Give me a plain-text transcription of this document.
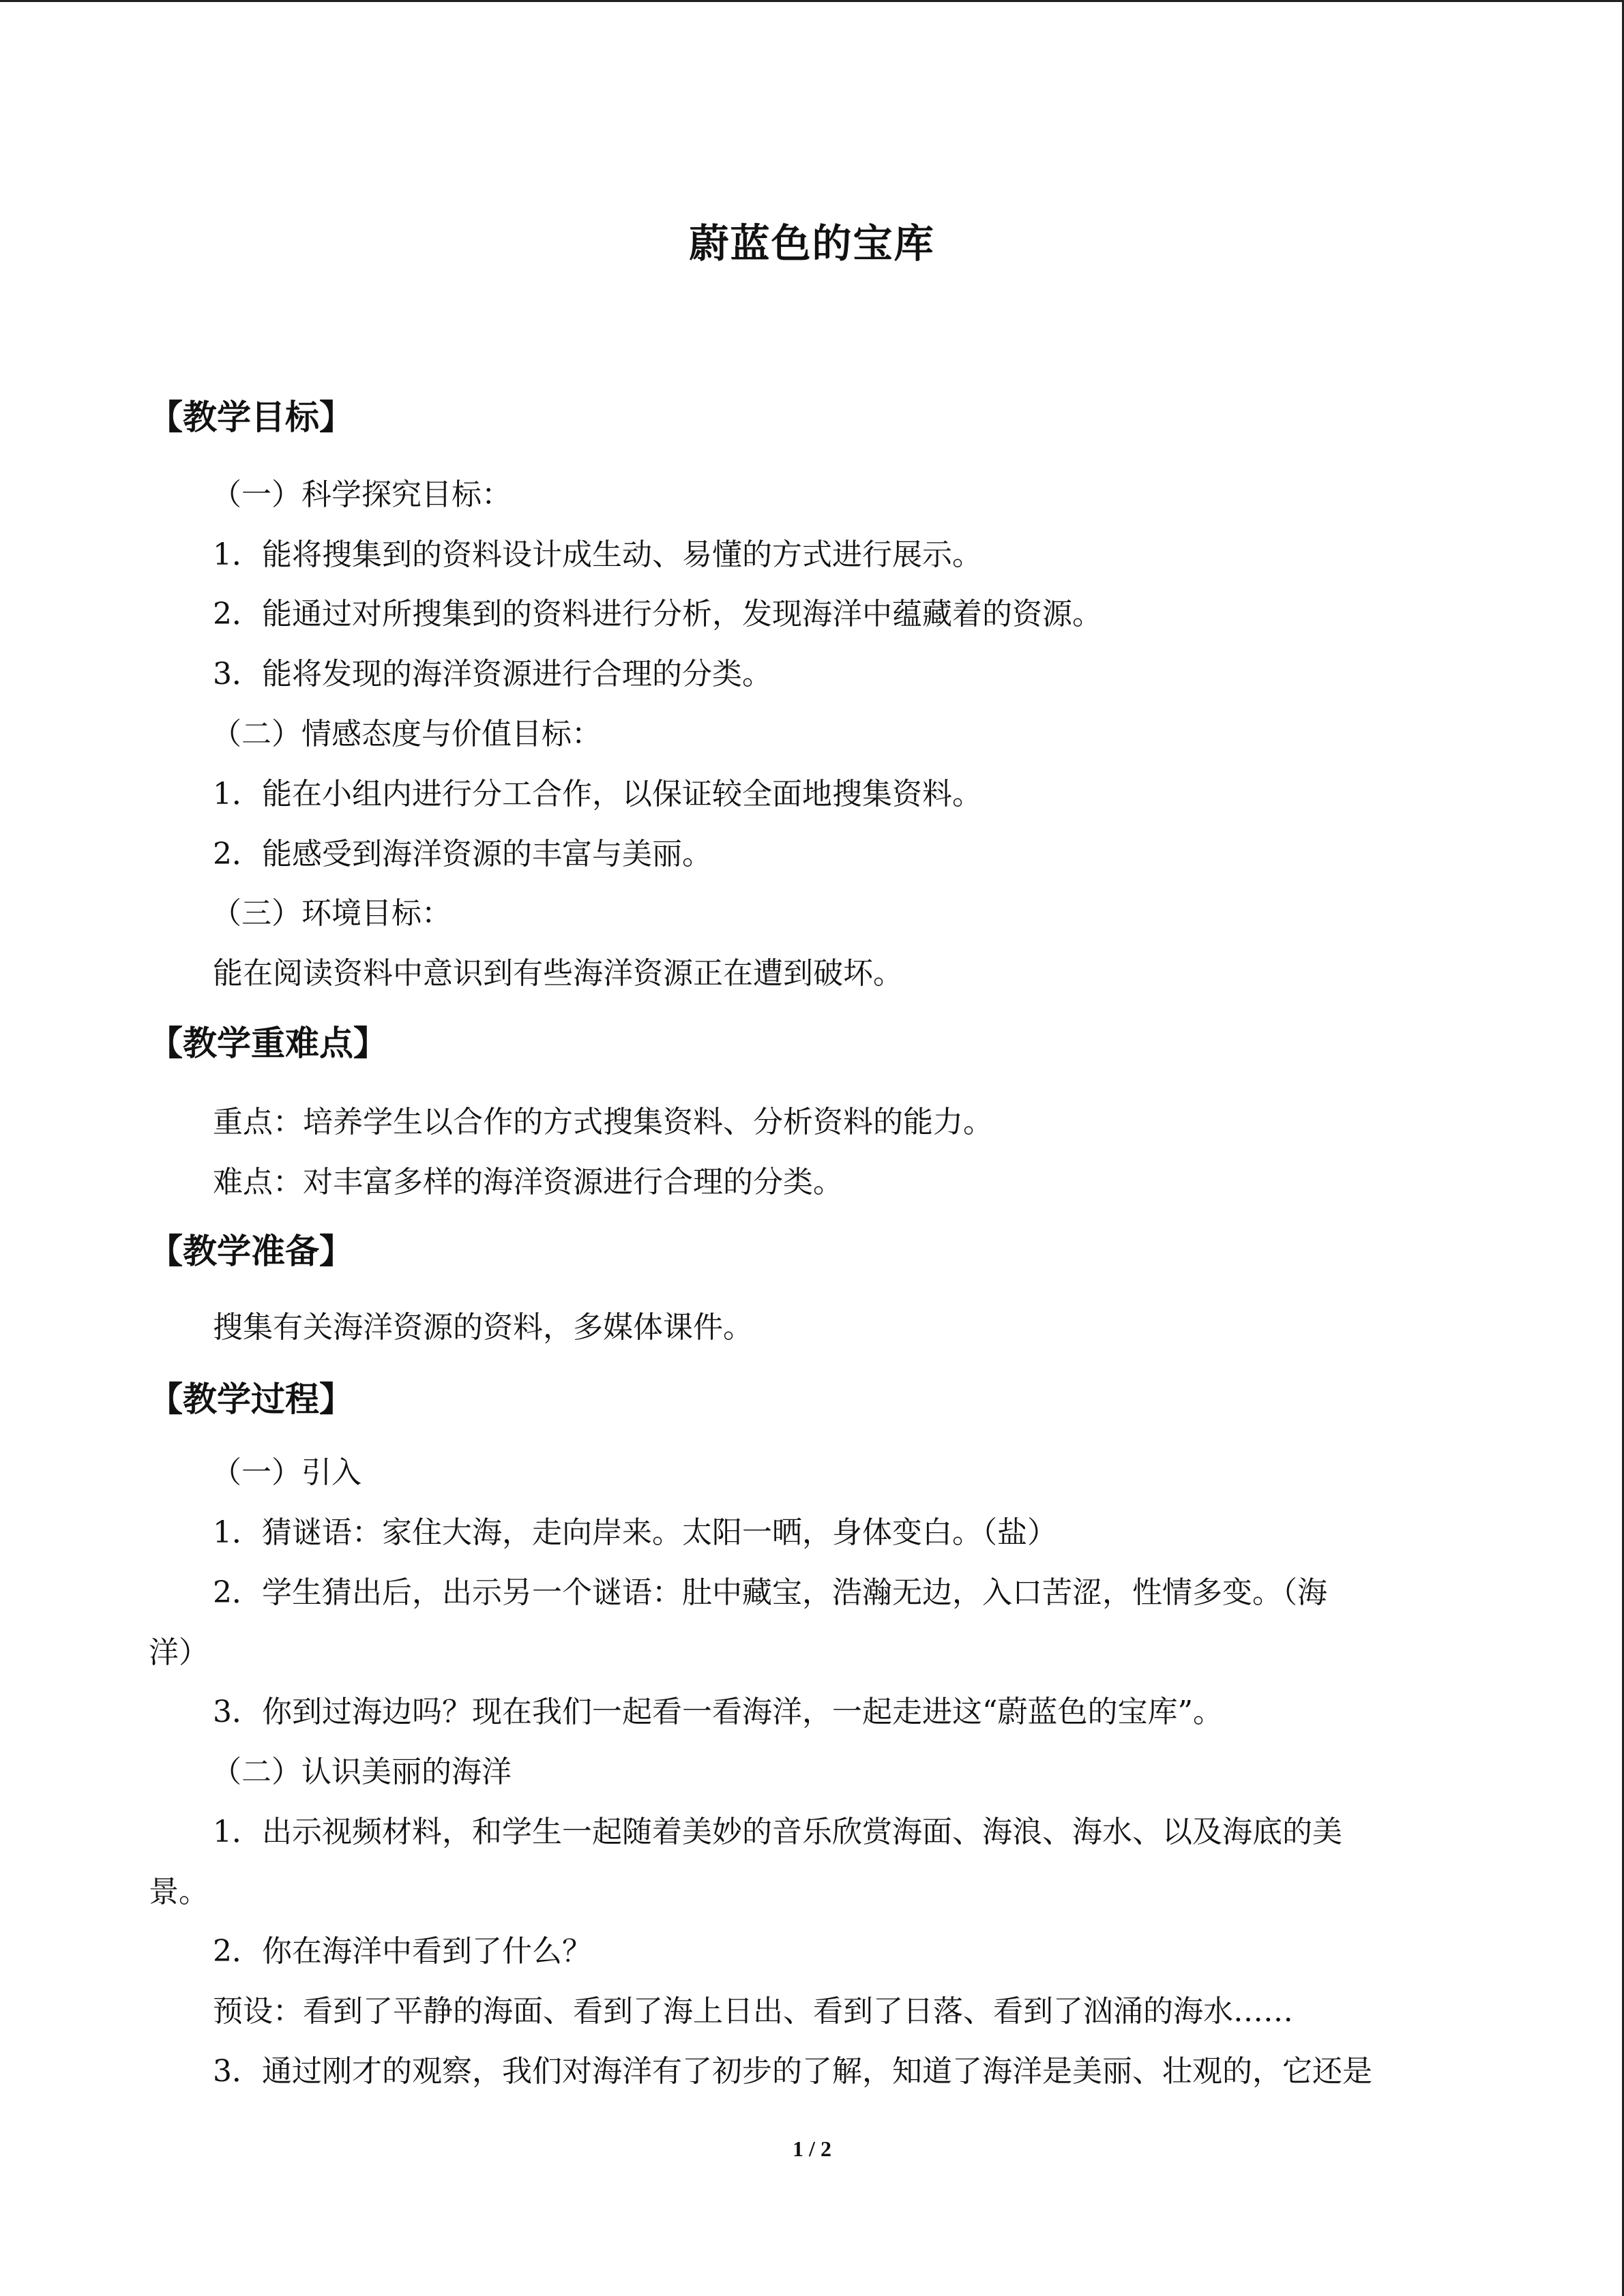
蔚蓝色的宝库
【教学目标】
（一）科学探究目标：
1．能将搜集到的资料设计成生动、易懂的方式进行展示。
2．能通过对所搜集到的资料进行分析，发现海洋中蕴藏着的资源。
3．能将发现的海洋资源进行合理的分类。
（二）情感态度与价值目标：
1．能在小组内进行分工合作，以保证较全面地搜集资料。
2．能感受到海洋资源的丰富与美丽。
（三）环境目标：
能在阅读资料中意识到有些海洋资源正在遭到破坏。
【教学重难点】
重点：培养学生以合作的方式搜集资料、分析资料的能力。
难点：对丰富多样的海洋资源进行合理的分类。
【教学准备】
搜集有关海洋资源的资料，多媒体课件。
【教学过程】
（一）引入
1．猜谜语：家住大海，走向岸来。太阳一晒，身体变白。（盐）
2．学生猜出后，出示另一个谜语：肚中藏宝，浩瀚无边，入口苦涩，性情多变。（海
洋）
3．你到过海边吗？现在我们一起看一看海洋，一起走进这“蔚蓝色的宝库”。
（二）认识美丽的海洋
1．出示视频材料，和学生一起随着美妙的音乐欣赏海面、海浪、海水、以及海底的美
景。
2．你在海洋中看到了什么？
预设：看到了平静的海面、看到了海上日出、看到了日落、看到了汹涌的海水……
3．通过刚才的观察，我们对海洋有了初步的了解，知道了海洋是美丽、壮观的，它还是
1 / 2
